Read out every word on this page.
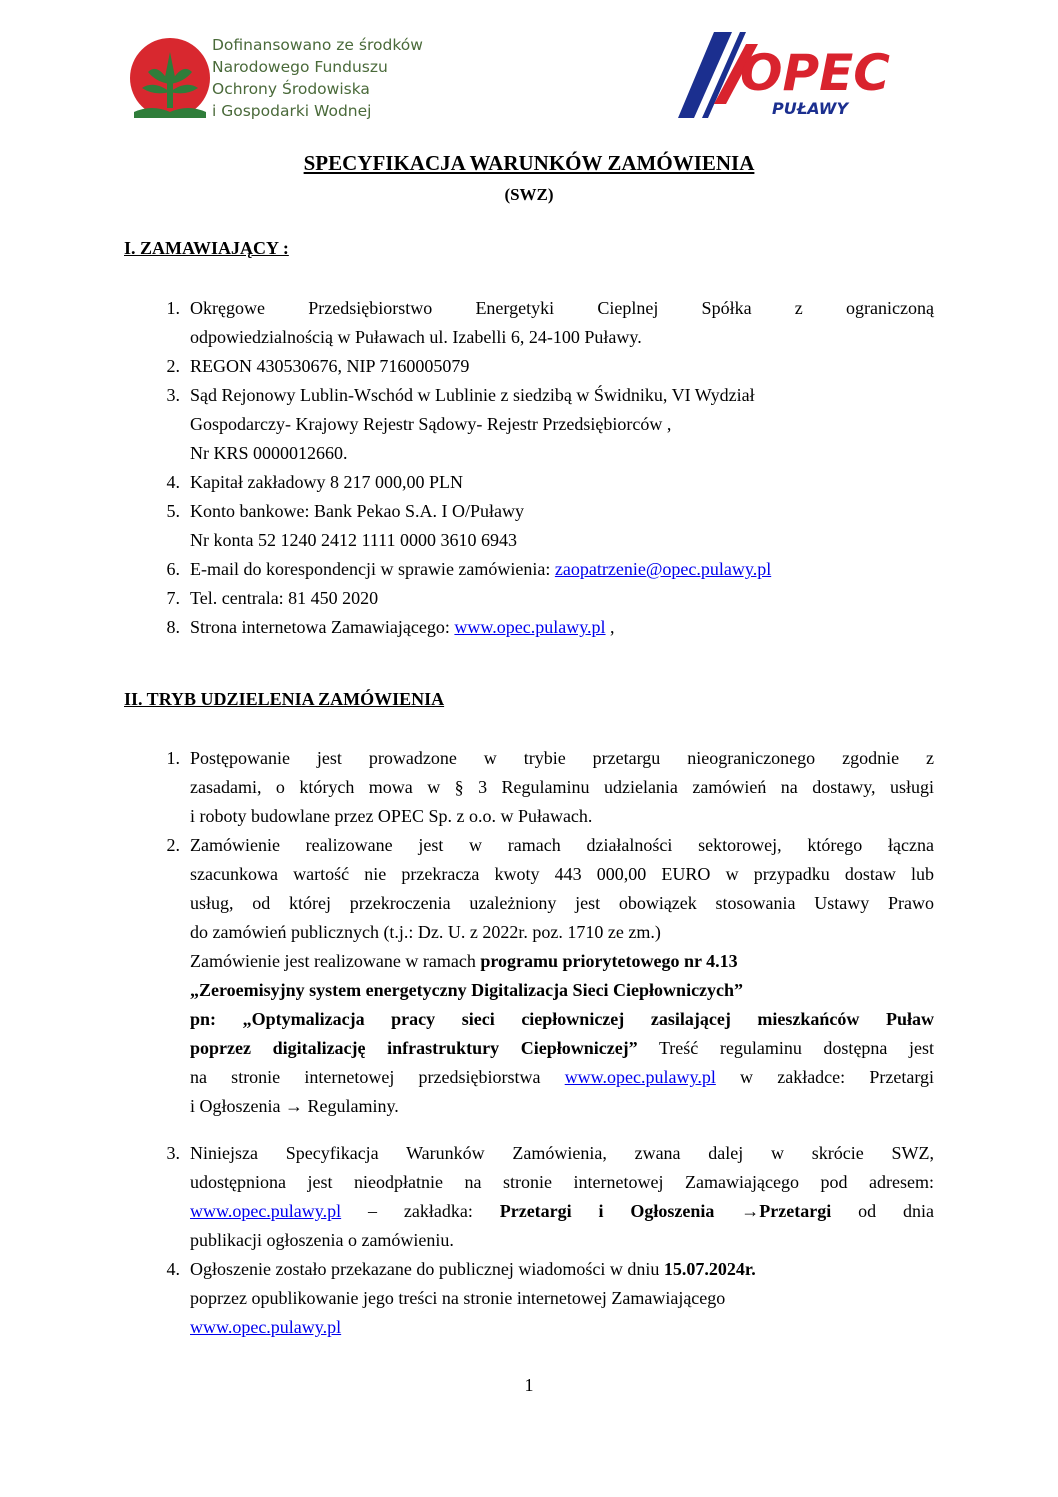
Dofinansowano ze środków
Narodowego Funduszu
Ochrony Środowiska
i Gospodarki Wodnej
OPEC
PUŁAWY
SPECYFIKACJA WARUNKÓW ZAMÓWIENIA
(SWZ)
I. ZAMAWIAJĄCY :
1. Okręgowe Przedsiębiorstwo Energetyki Cieplnej Spółka z ograniczoną
odpowiedzialnością w Puławach ul. Izabelli 6, 24-100 Puławy.
2. REGON 430530676, NIP 7160005079
3. Sąd Rejonowy Lublin-Wschód w Lublinie z siedzibą w Świdniku, VI Wydział
Gospodarczy- Krajowy Rejestr Sądowy- Rejestr Przedsiębiorców ,
Nr KRS 0000012660.
4. Kapitał zakładowy 8 217 000,00 PLN
5. Konto bankowe: Bank Pekao S.A. I O/Puławy
Nr konta 52 1240 2412 1111 0000 3610 6943
6. E-mail do korespondencji w sprawie zamówienia: zaopatrzenie@opec.pulawy.pl
7. Tel. centrala: 81 450 2020
8. Strona internetowa Zamawiającego: www.opec.pulawy.pl ,
II. TRYB UDZIELENIA ZAMÓWIENIA
1. Postępowanie jest prowadzone w trybie przetargu nieograniczonego zgodnie z
zasadami, o których mowa w § 3 Regulaminu udzielania zamówień na dostawy, usługi
i roboty budowlane przez OPEC Sp. z o.o. w Puławach.
2. Zamówienie realizowane jest w ramach działalności sektorowej, którego łączna
szacunkowa wartość nie przekracza kwoty 443 000,00 EURO w przypadku dostaw lub
usług, od której przekroczenia uzależniony jest obowiązek stosowania Ustawy Prawo
do zamówień publicznych (t.j.: Dz. U. z 2022r. poz. 1710 ze zm.)
Zamówienie jest realizowane w ramach programu priorytetowego nr 4.13
„Zeroemisyjny system energetyczny Digitalizacja Sieci Ciepłowniczych”
pn: „Optymalizacja pracy sieci ciepłowniczej zasilającej mieszkańców Puław
poprzez digitalizację infrastruktury Ciepłowniczej” Treść regulaminu dostępna jest
na stronie internetowej przedsiębiorstwa www.opec.pulawy.pl w zakładce: Przetargi
i Ogłoszenia → Regulaminy.
3. Niniejsza Specyfikacja Warunków Zamówienia, zwana dalej w skrócie SWZ,
udostępniona jest nieodpłatnie na stronie internetowej Zamawiającego pod adresem:
www.opec.pulawy.pl – zakładka: Przetargi i Ogłoszenia →Przetargi od dnia
publikacji ogłoszenia o zamówieniu.
4. Ogłoszenie zostało przekazane do publicznej wiadomości w dniu 15.07.2024r.
poprzez opublikowanie jego treści na stronie internetowej Zamawiającego
www.opec.pulawy.pl
1
